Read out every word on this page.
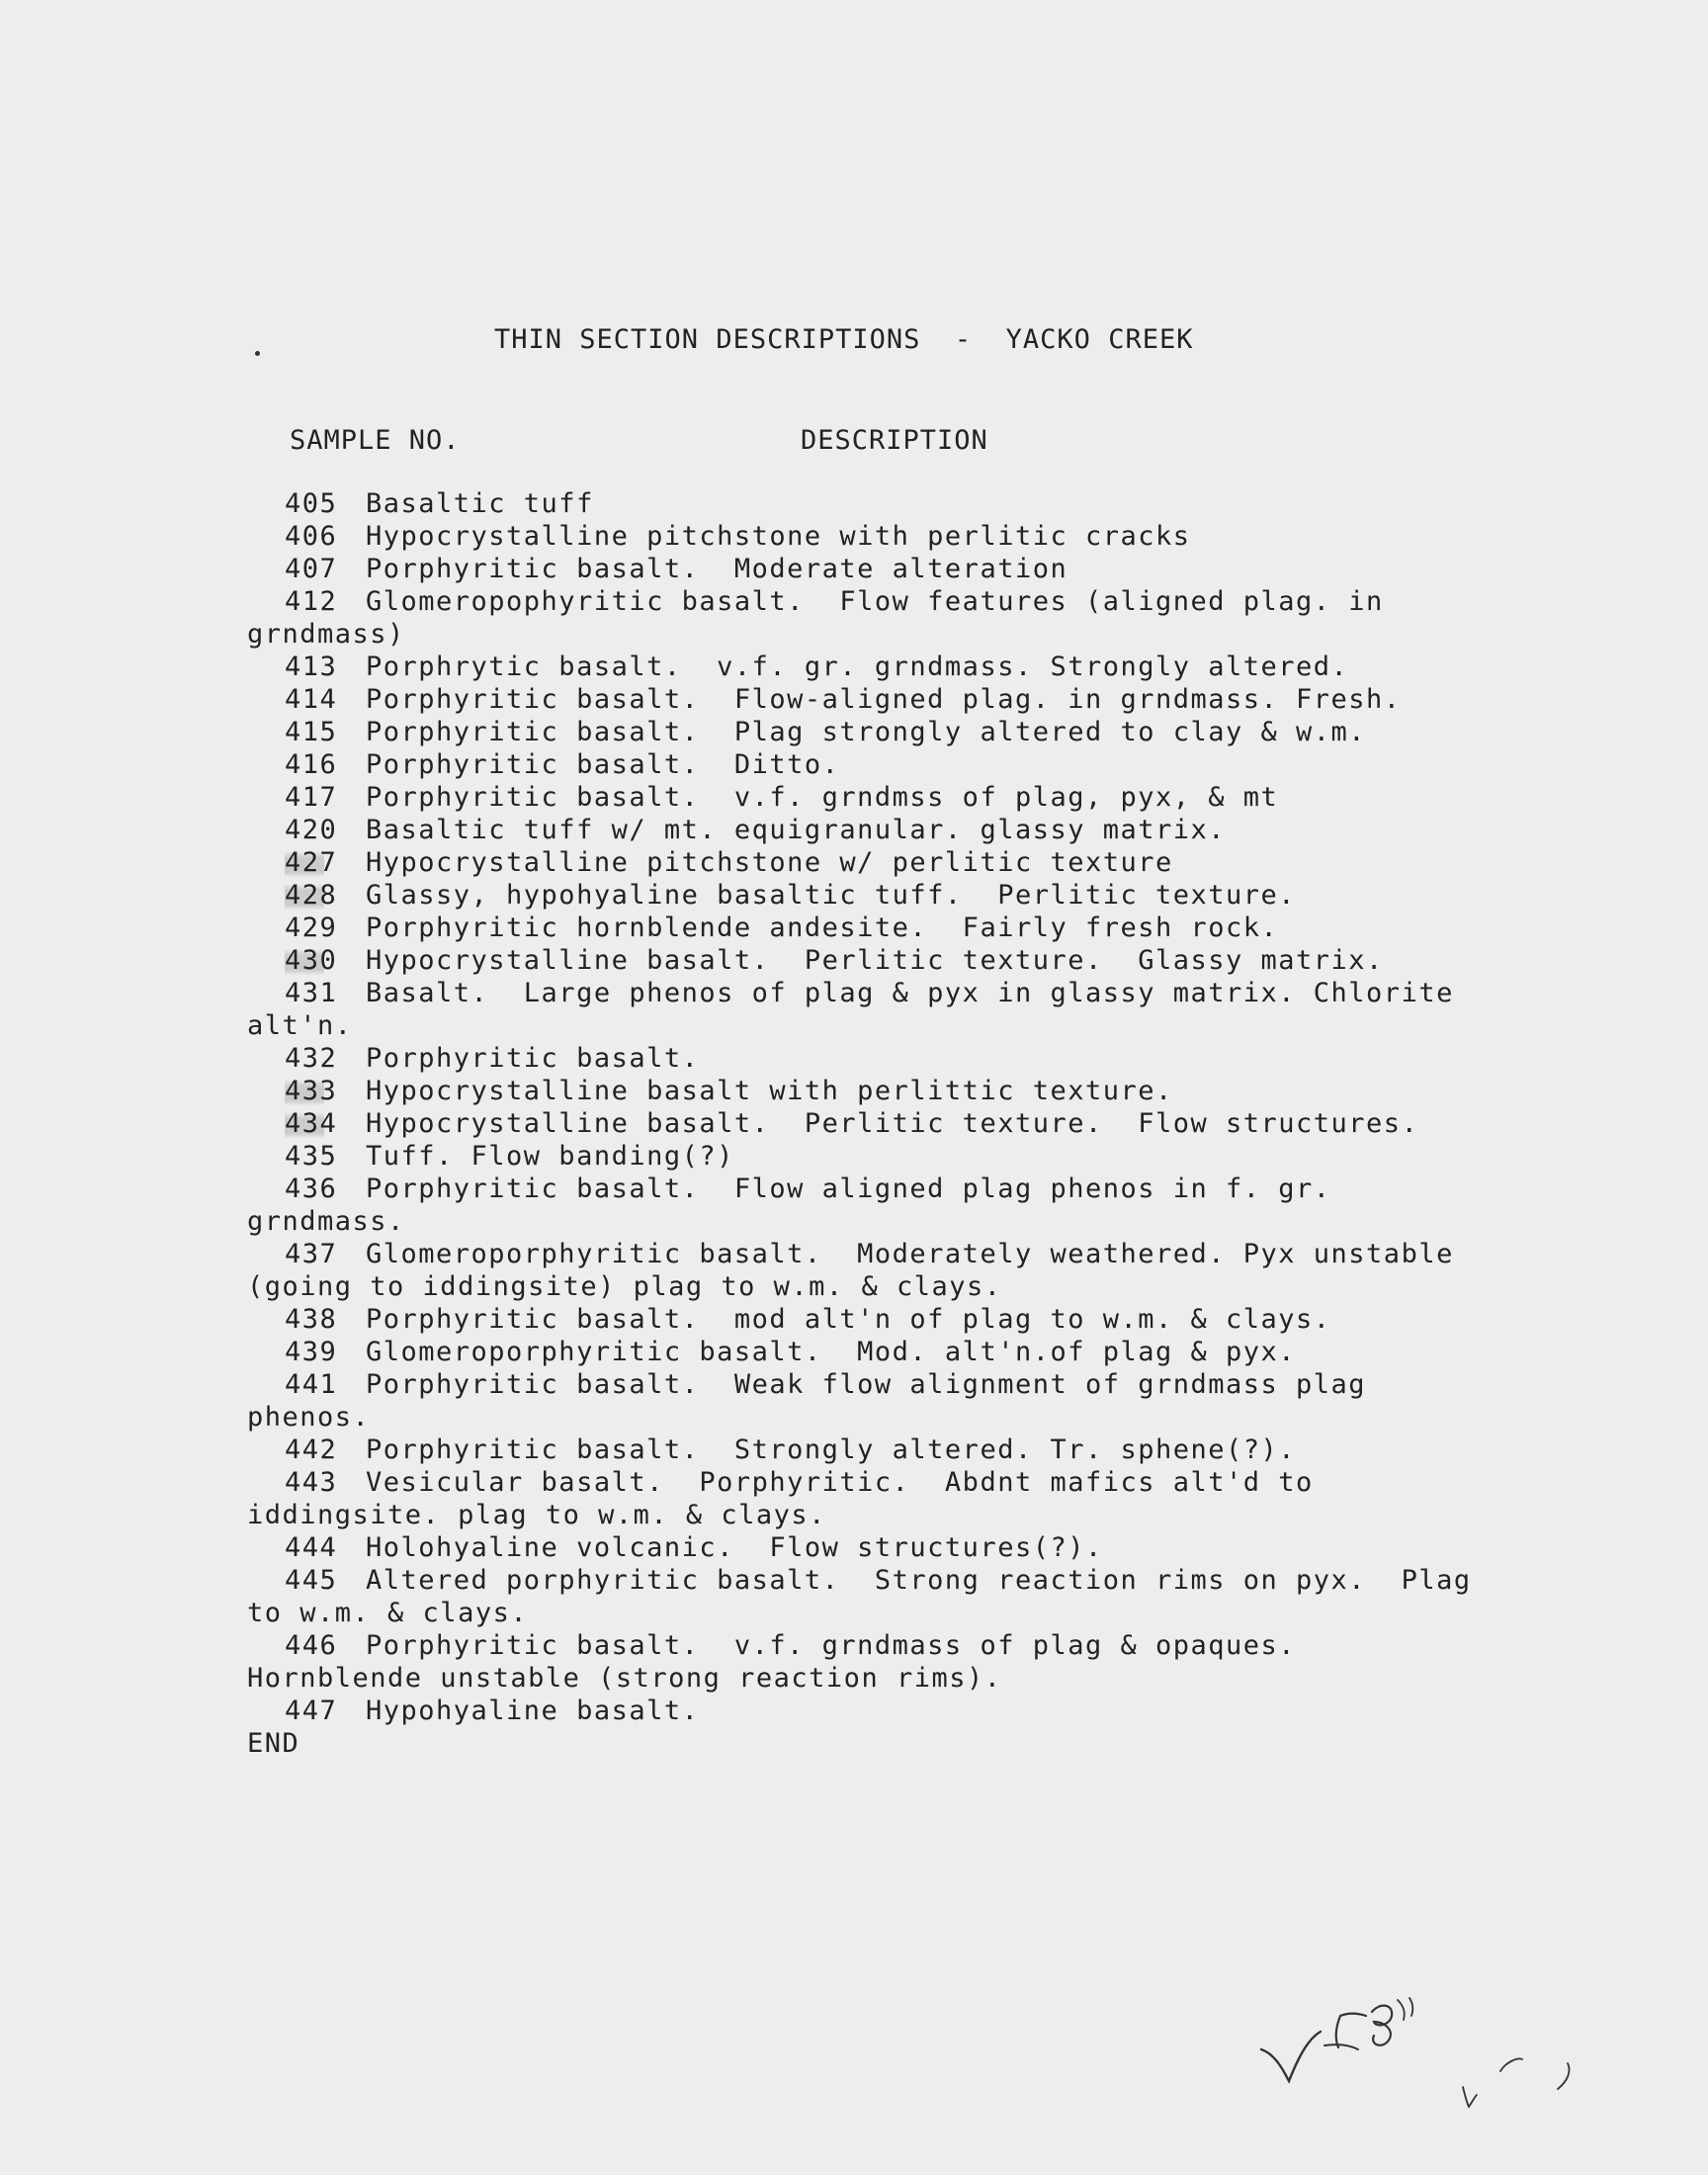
THIN SECTION DESCRIPTIONS  -  YACKO CREEK
SAMPLE NO.	DESCRIPTION
405 Basaltic tuff
406 Hypocrystalline pitchstone with perlitic cracks
407 Porphyritic basalt.  Moderate alteration
412 Glomeropophyritic basalt.  Flow features (aligned plag. in
grndmass)
413 Porphrytic basalt.  v.f. gr. grndmass. Strongly altered.
414 Porphyritic basalt.  Flow-aligned plag. in grndmass. Fresh.
415 Porphyritic basalt.  Plag strongly altered to clay & w.m.
416 Porphyritic basalt.  Ditto.
417 Porphyritic basalt.  v.f. grndmss of plag, pyx, & mt
420 Basaltic tuff w/ mt. equigranular. glassy matrix.
427 Hypocrystalline pitchstone w/ perlitic texture
428 Glassy, hypohyaline basaltic tuff.  Perlitic texture.
429 Porphyritic hornblende andesite.  Fairly fresh rock.
430 Hypocrystalline basalt.  Perlitic texture.  Glassy matrix.
431 Basalt.  Large phenos of plag & pyx in glassy matrix. Chlorite
alt'n.
432 Porphyritic basalt.
433 Hypocrystalline basalt with perlittic texture.
434 Hypocrystalline basalt.  Perlitic texture.  Flow structures.
435 Tuff. Flow banding(?)
436 Porphyritic basalt.  Flow aligned plag phenos in f. gr.
grndmass.
437 Glomeroporphyritic basalt.  Moderately weathered. Pyx unstable
(going to iddingsite) plag to w.m. & clays.
438 Porphyritic basalt.  mod alt'n of plag to w.m. & clays.
439 Glomeroporphyritic basalt.  Mod. alt'n.of plag & pyx.
441 Porphyritic basalt.  Weak flow alignment of grndmass plag
phenos.
442 Porphyritic basalt.  Strongly altered. Tr. sphene(?).
443 Vesicular basalt.  Porphyritic.  Abdnt mafics alt'd to
iddingsite. plag to w.m. & clays.
444 Holohyaline volcanic.  Flow structures(?).
445 Altered porphyritic basalt.  Strong reaction rims on pyx.  Plag
to w.m. & clays.
446 Porphyritic basalt.  v.f. grndmass of plag & opaques.
Hornblende unstable (strong reaction rims).
447 Hypohyaline basalt.
END
